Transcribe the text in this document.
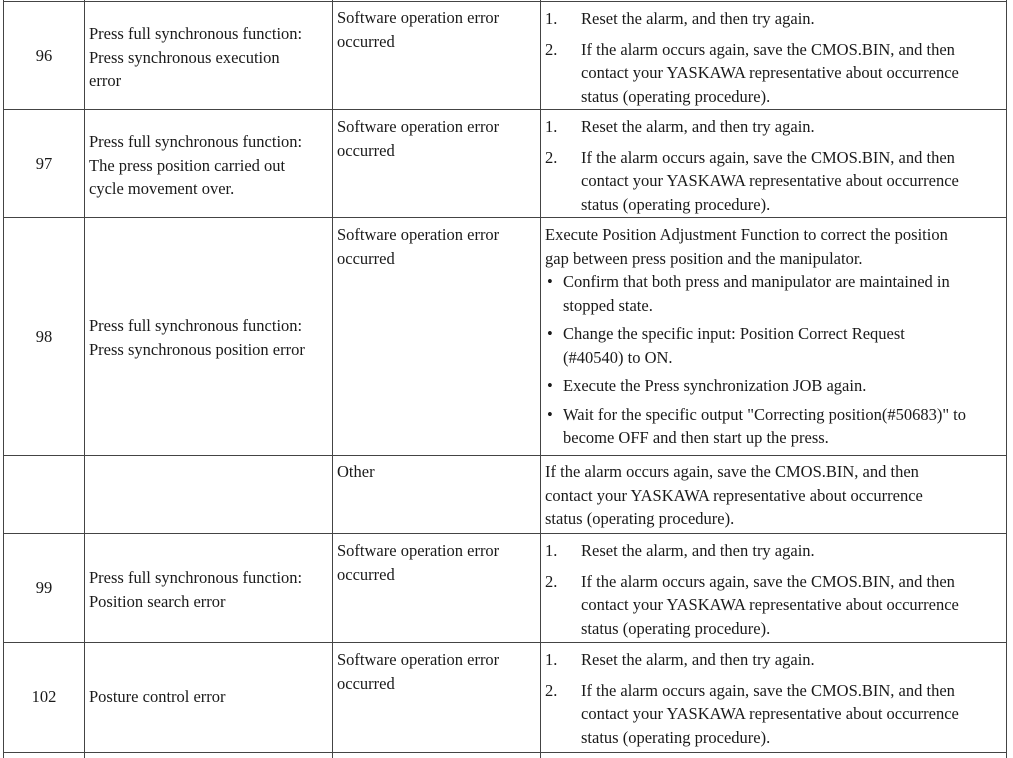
96
Press full synchronous function:
Press synchronous execution
error
Software operation error
occurred
1. Reset the alarm, and then try again.
2. If the alarm occurs again, save the CMOS.BIN, and then
contact your YASKAWA representative about occurrence
status (operating procedure).
97
Press full synchronous function:
The press position carried out
cycle movement over.
Software operation error
occurred
1. Reset the alarm, and then try again.
2. If the alarm occurs again, save the CMOS.BIN, and then
contact your YASKAWA representative about occurrence
status (operating procedure).
98
Press full synchronous function:
Press synchronous position error
Software operation error
occurred
Execute Position Adjustment Function to correct the position
gap between press position and the manipulator.
• Confirm that both press and manipulator are maintained in
stopped state.
• Change the specific input: Position Correct Request
(#40540) to ON.
• Execute the Press synchronization JOB again.
• Wait for the specific output "Correcting position(#50683)" to
become OFF and then start up the press.
Other	If the alarm occurs again, save the CMOS.BIN, and then
contact your YASKAWA representative about occurrence
status (operating procedure).
99
Press full synchronous function:
Position search error
Software operation error
occurred
1. Reset the alarm, and then try again.
2. If the alarm occurs again, save the CMOS.BIN, and then
contact your YASKAWA representative about occurrence
status (operating procedure).
102	Posture control error
Software operation error
occurred
1. Reset the alarm, and then try again.
2. If the alarm occurs again, save the CMOS.BIN, and then
contact your YASKAWA representative about occurrence
status (operating procedure).
